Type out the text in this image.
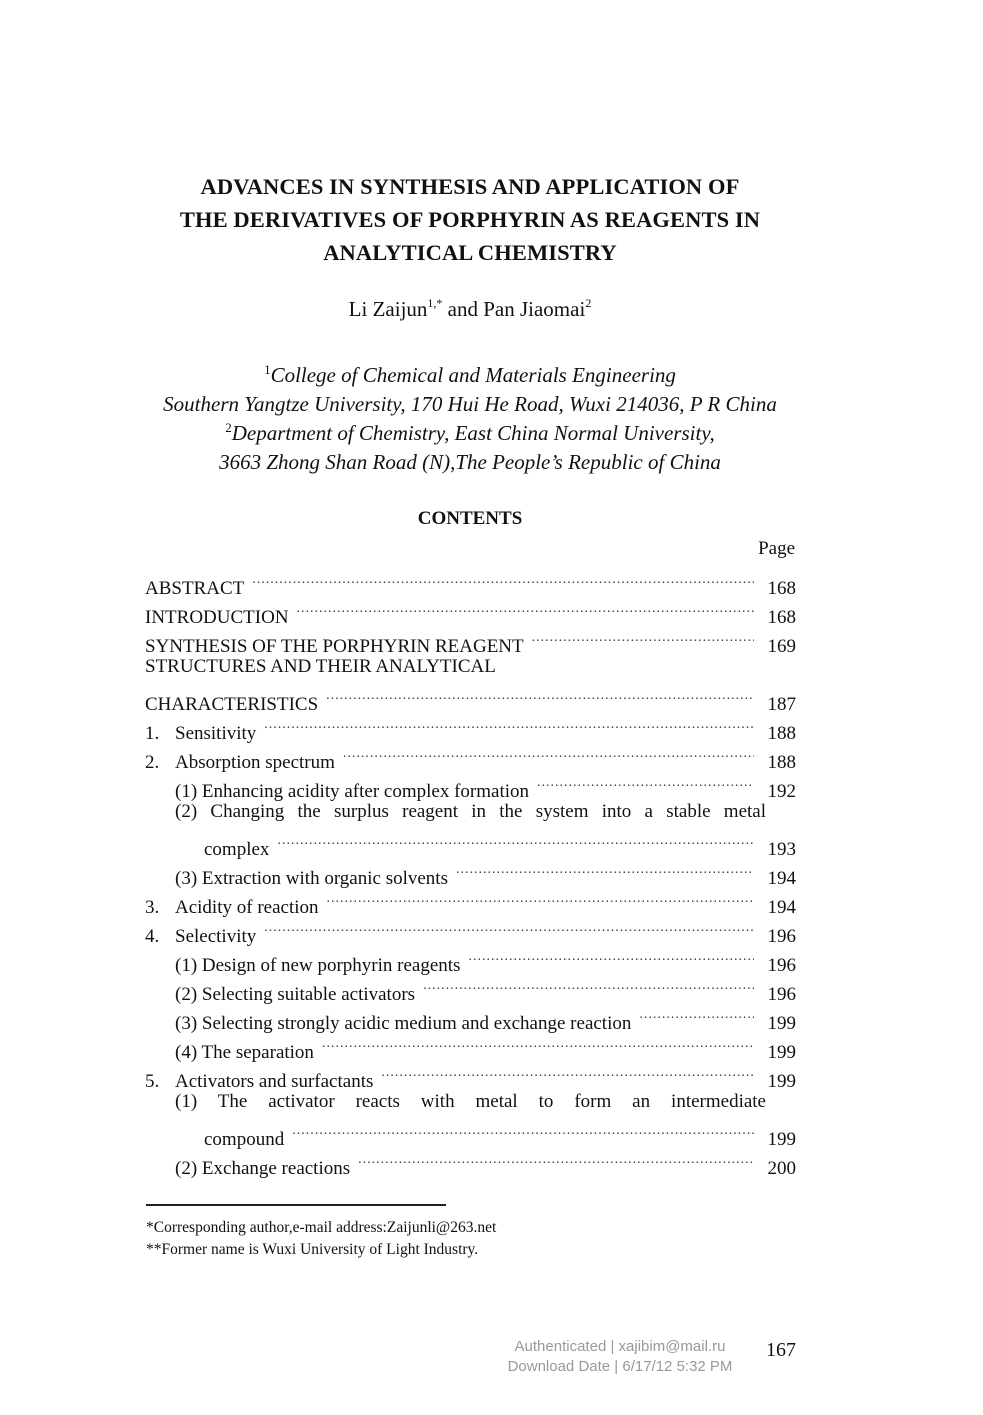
ADVANCES IN SYNTHESIS AND APPLICATION OF
THE DERIVATIVES OF PORPHYRIN AS REAGENTS IN
ANALYTICAL CHEMISTRY
Li Zaijun$^{1,*}$ and Pan Jiaomai$^2$
$^1$College of Chemical and Materials Engineering
Southern Yangtze University, 170 Hui He Road, Wuxi 214036, P R China
$^2$Department of Chemistry, East China Normal University,
3663 Zhong Shan Road (N),The People’s Republic of China
CONTENTS
Page
ABSTRACT .....	168
INTRODUCTION .....	168
SYNTHESIS OF THE PORPHYRIN REAGENT .....	169
STRUCTURES AND THEIR ANALYTICAL
CHARACTERISTICS .....	187
1. Sensitivity .....	188
2. Absorption spectrum .....	188
(1) Enhancing acidity after complex formation .....	192
(2) Changing the surplus reagent in the system into a stable metal
complex .....	193
(3) Extraction with organic solvents .....	194
3. Acidity of reaction .....	194
4. Selectivity .....	196
(1) Design of new porphyrin reagents .....	196
(2) Selecting suitable activators .....	196
(3) Selecting strongly acidic medium and exchange reaction .....	199
(4) The separation .....	199
5. Activators and surfactants .....	199
(1) The activator reacts with metal to form an intermediate
compound .....	199
(2) Exchange reactions .....	200
*Corresponding author,e-mail address:Zaijunli@263.net
**Former name is Wuxi University of Light Industry.
Authenticated | xajibim@mail.ru
Download Date | 6/17/12 5:32 PM
167
